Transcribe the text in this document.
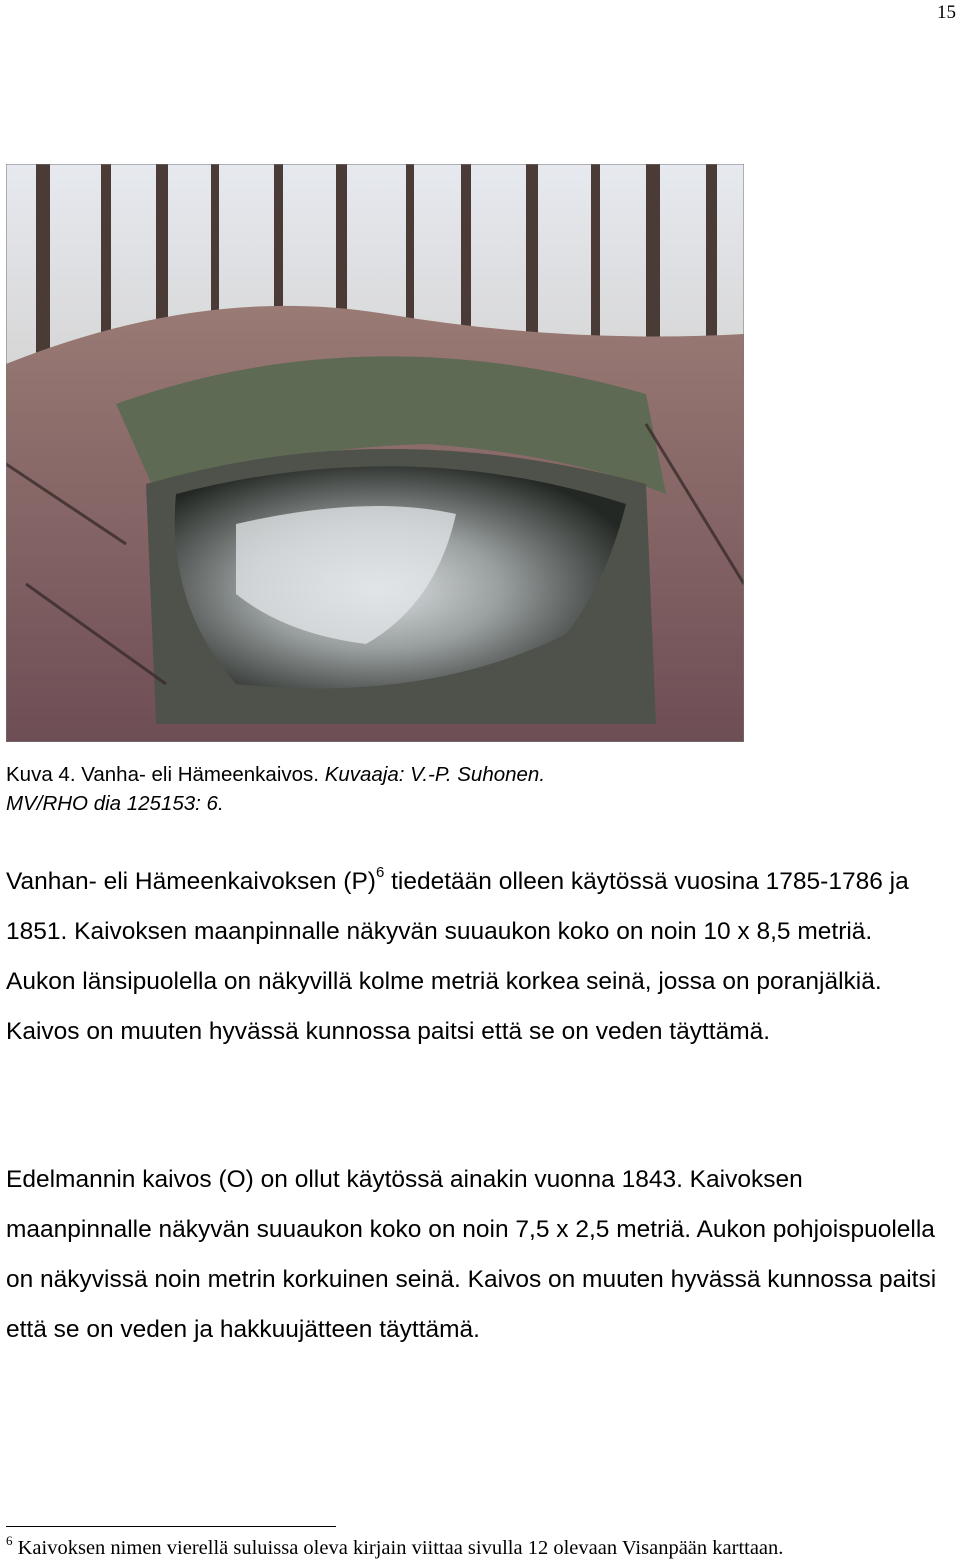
15
Kuva 4. Vanha- eli Hämeenkaivos. Kuvaaja: V.-P. Suhonen.
MV/RHO dia 125153: 6.

Vanhan- eli Hämeenkaivoksen $(P)^6$ tiedetään olleen käytössä vuosina 1785-1786 ja 1851. Kaivoksen maanpinnalle näkyvän suuaukon koko on noin 10 x 8,5 metriä. Aukon länsipuolella on näkyvillä kolme metriä korkea seinä, jossa on poranjälkiä. Kaivos on muuten hyvässä kunnossa paitsi että se on veden täyttämä.

Edelmannin kaivos (O) on ollut käytössä ainakin vuonna 1843. Kaivoksen maanpinnalle näkyvän suuaukon koko on noin 7,5 x 2,5 metriä. Aukon pohjoispuolella on näkyvissä noin metrin korkuinen seinä. Kaivos on muuten hyvässä kunnossa paitsi että se on veden ja hakkuujätteen täyttämä.

$^6$ Kaivoksen nimen vierellä suluissa oleva kirjain viittaa sivulla 12 olevaan Visanpään karttaan.
